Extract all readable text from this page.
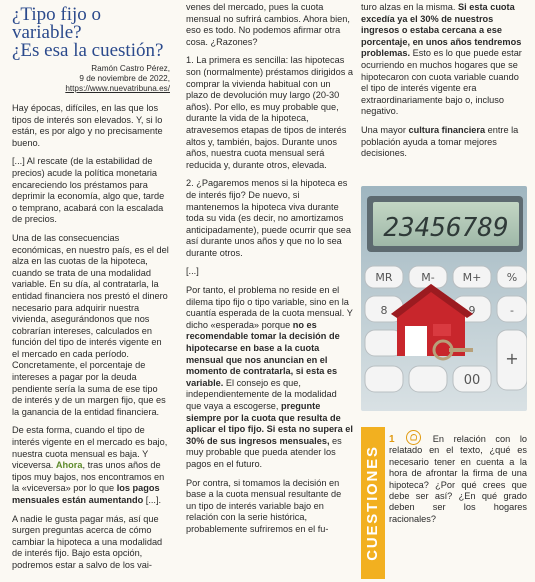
¿Tipo fijo o variable?
¿Es esa la cuestión?
Ramón Castro Pérez,
9 de noviembre de 2022,
https://www.nuevatribuna.es/

Hay épocas, difíciles, en las que los tipos de interés son elevados. Y, si lo están, es por algo y no precisamente bueno.

[...] Al rescate (de la estabilidad de precios) acude la política monetaria encareciendo los préstamos para deprimir la economía, algo que, tarde o temprano, acabará con la escalada de precios.

Una de las consecuencias económicas, en nuestro país, es el del alza en las cuotas de la hipoteca, cuando se trata de una modalidad variable. En su día, al contratarla, la entidad financiera nos prestó el dinero necesario para adquirir nuestra vivienda, asegurándonos que nos cobrarían intereses, calculados en función del tipo de interés vigente en el mercado en cada período. Concretamente, el porcentaje de intereses a pagar por la deuda pendiente sería la suma de ese tipo de interés y de un margen fijo, que es la ganancia de la entidad financiera.

De esta forma, cuando el tipo de interés vigente en el mercado es bajo, nuestra cuota mensual es baja. Y viceversa. Ahora, tras unos años de tipos muy bajos, nos encontramos en la «viceversa» por lo que los pagos mensuales están aumentando [...].

A nadie le gusta pagar más, así que surgen preguntas acerca de cómo cambiar la hipoteca a una modalidad de interés fijo. Bajo esta opción, podremos estar a salvo de los vai-

venes del mercado, pues la cuota mensual no sufrirá cambios. Ahora bien, eso es todo. No podemos afirmar otra cosa. ¿Razones?

1. La primera es sencilla: las hipotecas son (normalmente) préstamos dirigidos a comprar la vivienda habitual con un plazo de devolución muy largo (20-30 años). Por ello, es muy probable que, durante la vida de la hipoteca, atravesemos etapas de tipos de interés altos y, también, bajos. Durante unos años, nuestra cuota mensual será reducida y, durante otros, elevada.

2. ¿Pagaremos menos si la hipoteca es de interés fijo? De nuevo, si mantenemos la hipoteca viva durante toda su vida (es decir, no amortizamos anticipadamente), puede ocurrir que sea así durante unos años y que no lo sea durante otros.

[...]

Por tanto, el problema no reside en el dilema tipo fijo o tipo variable, sino en la cuantía esperada de la cuota mensual. Y dicho «esperada» porque no es recomendable tomar la decisión de hipotecarse en base a la cuota mensual que nos anuncian en el momento de contratarla, si esta es variable. El consejo es que, independientemente de la modalidad que vaya a escogerse, pregunte siempre por la cuota que resulta de aplicar el tipo fijo. Si esta no supera el 30% de sus ingresos mensuales, es muy probable que pueda atender los pagos en el futuro.

Por contra, si tomamos la decisión en base a la cuota mensual resultante de un tipo de interés variable bajo en relación con la serie histórica, probablemente sufriremos en el fu-

turo alzas en la misma. Si esta cuota excedía ya el 30% de nuestros ingresos o estaba cercana a ese porcentaje, en unos años tendremos problemas. Esto es lo que puede estar ocurriendo en muchos hogares que se hipotecaron con cuota variable cuando el tipo de interés vigente era extraordinariamente bajo o, incluso negativo.

Una mayor cultura financiera entre la población ayuda a tomar mejores decisiones.

23456789
MR	M-	M+ %
8	9	-
+
00
CUESTIONES
1	En relación con lo relatado en el texto, ¿qué es necesario tener en cuenta a la hora de afrontar la firma de una hipoteca? ¿Por qué crees que debe ser así? ¿En qué grado deben ser los hogares racionales?
